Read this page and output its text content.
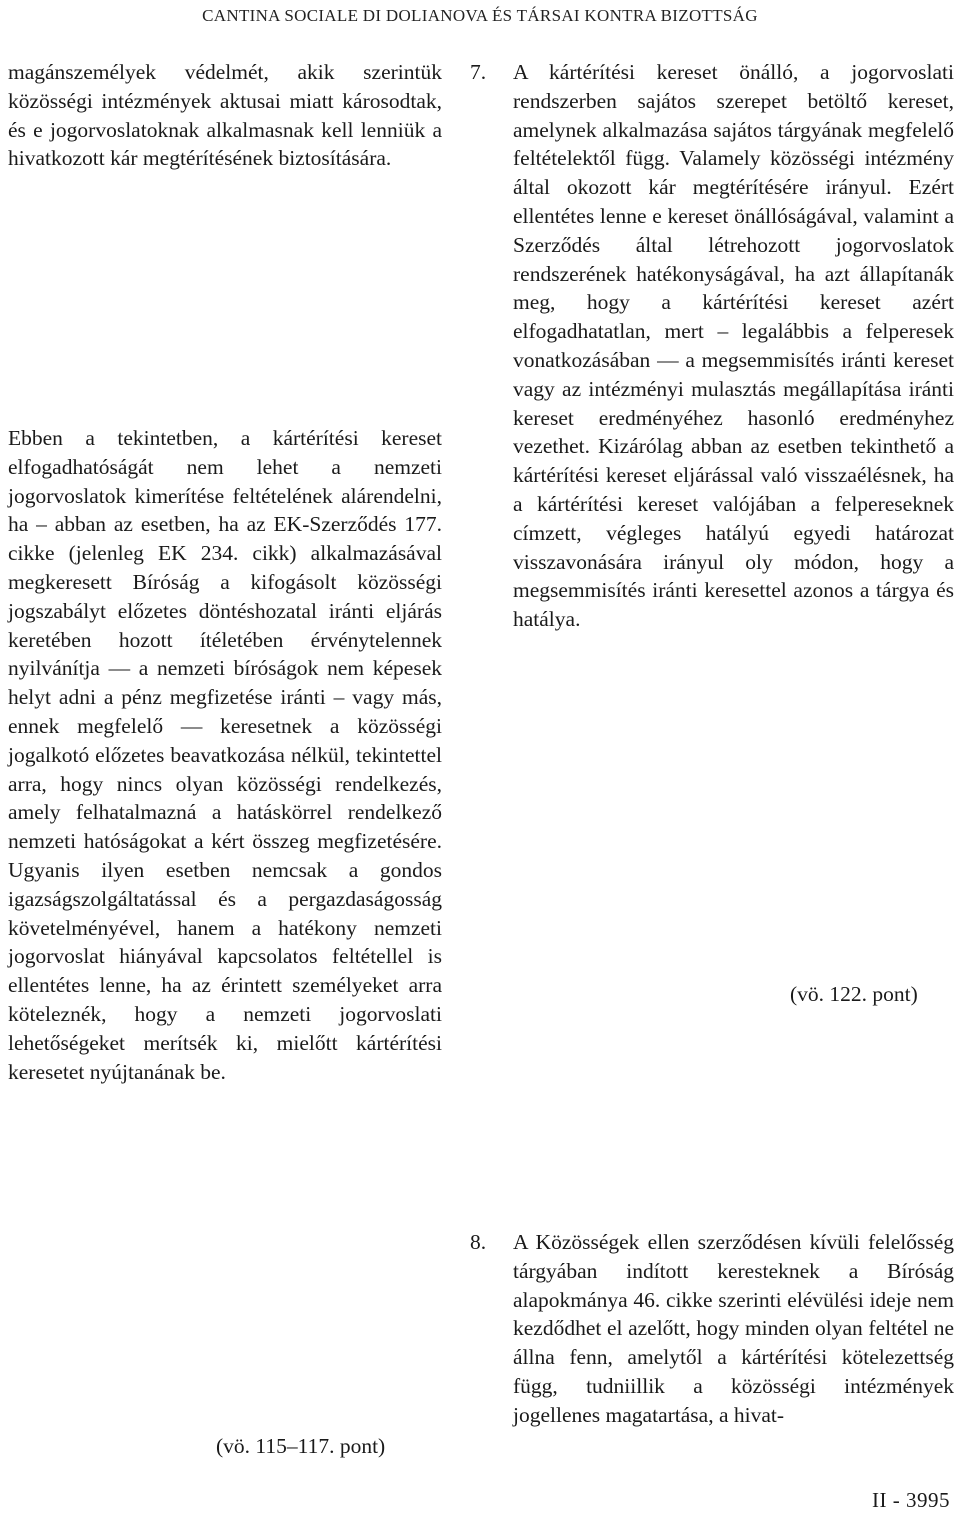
CANTINA SOCIALE DI DOLIANOVA ÉS TÁRSAI KONTRA BIZOTTSÁG

magánszemélyek védelmét, akik szerintük közösségi intézmények aktusai miatt károsodtak, és e jogorvoslatoknak alkalmasnak kell lenniük a hivatkozott kár megtérítésének biztosítására.

Ebben a tekintetben, a kártérítési kereset elfogadhatóságát nem lehet a nemzeti jogorvoslatok kimerítése feltételének alárendelni, ha – abban az esetben, ha az EK-Szerződés 177. cikke (jelenleg EK 234. cikk) alkalmazásával megkeresett Bíróság a kifogásolt közösségi jogszabályt előzetes döntéshozatal iránti eljárás keretében hozott ítéletében érvénytelennek nyilvánítja — a nemzeti bíróságok nem képesek helyt adni a pénz megfizetése iránti – vagy más, ennek megfelelő — keresetnek a közösségi jogalkotó előzetes beavatkozása nélkül, tekintettel arra, hogy nincs olyan közösségi rendelkezés, amely felhatalmazná a hatáskörrel rendelkező nemzeti hatóságokat a kért összeg megfizetésére. Ugyanis ilyen esetben nemcsak a gondos igazságszolgáltatással és a pergazdaságosság követelményével, hanem a hatékony nemzeti jogorvoslat hiányával kapcsolatos feltétellel is ellentétes lenne, ha az érintett személyeket arra köteleznék, hogy a nemzeti jogorvoslati lehetőségeket merítsék ki, mielőtt kártérítési keresetet nyújtanának be.

(vö. 115–117. pont)
7. A kártérítési kereset önálló, a jogorvoslati rendszerben sajátos szerepet betöltő kereset, amelynek alkalmazása sajátos tárgyának megfelelő feltételektől függ. Valamely közösségi intézmény által okozott kár megtérítésére irányul. Ezért ellentétes lenne e kereset önállóságával, valamint a Szerződés által létrehozott jogorvoslatok rendszerének hatékonyságával, ha azt állapítanák meg, hogy a kártérítési kereset azért elfogadhatatlan, mert – legalábbis a felperesek vonatkozásában — a megsemmisítés iránti kereset vagy az intézményi mulasztás megállapítása iránti kereset eredményéhez hasonló eredményhez vezethet. Kizárólag abban az esetben tekinthető a kártérítési kereset eljárással való visszaélésnek, ha a kártérítési kereset valójában a felpereseknek címzett, végleges hatályú egyedi határozat visszavonására irányul oly módon, hogy a megsemmisítés iránti keresettel azonos a tárgya és hatálya.

(vö. 122. pont)
8. A Közösségek ellen szerződésen kívüli felelősség tárgyában indított keresteknek a Bíróság alapokmánya 46. cikke szerinti elévülési ideje nem kezdődhet el azelőtt, hogy minden olyan feltétel ne állna fenn, amelytől a kártérítési kötelezettség függ, tudniillik a közösségi intézmények jogellenes magatartása, a hivat-

II - 3995
